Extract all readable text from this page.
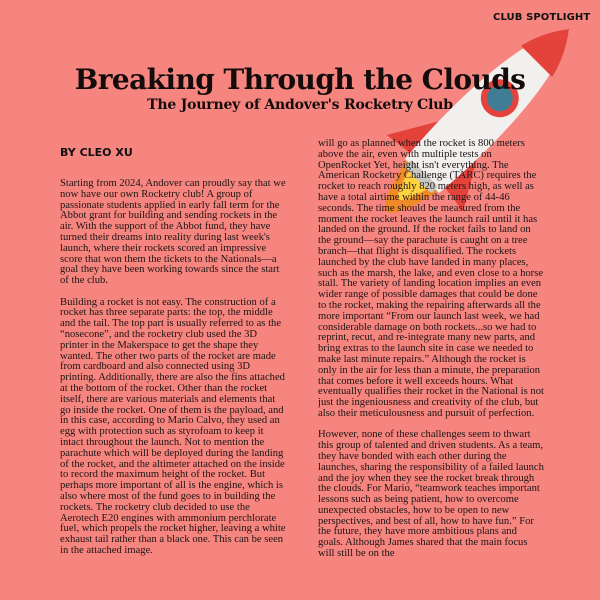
CLUB SPOTLIGHT
Breaking Through the Clouds
The Journey of Andover's Rocketry Club
BY CLEO XU

Starting from 2024, Andover can proudly say that we now have our own Rocketry club! A group of passionate students applied in early fall term for the Abbot grant for building and sending rockets in the air. With the support of the Abbot fund, they have turned their dreams into reality during last week's launch, where their rockets scored an impressive score that won them the tickets to the Nationals—a goal they have been working towards since the start of the club.

Building a rocket is not easy. The construction of a rocket has three separate parts: the top, the middle and the tail. The top part is usually referred to as the “nosecone”, and the rocketry club used the 3D printer in the Makerspace to get the shape they wanted. The other two parts of the rocket are made from cardboard and also connected using 3D printing. Additionally, there are also the fins attached at the bottom of the rocket. Other than the rocket itself, there are various materials and elements that go inside the rocket. One of them is the payload, and in this case, according to Mario Calvo, they used an egg with protection such as styrofoam to keep it intact throughout the launch. Not to mention the parachute which will be deployed during the landing of the rocket, and the altimeter attached on the inside to record the maximum height of the rocket. But perhaps more important of all is the engine, which is also where most of the fund goes to in building the rockets. The rocketry club decided to use the Aerotech E20 engines with ammonium perchlorate fuel, which propels the rocket higher, leaving a white exhaust tail rather than a black one. This can be seen in the attached image.

will go as planned when the rocket is 800 meters above the air, even with multiple tests on OpenRocket Yet, height isn't everything. The American Rocketry Challenge (TARC) requires the rocket to reach roughly 820 meters high, as well as have a total airtime within the range of 44-46 seconds. The time should be measured from the moment the rocket leaves the launch rail until it has landed on the ground. If the rocket fails to land on the ground—say the parachute is caught on a tree branch—that flight is disqualified. The rockets launched by the club have landed in many places, such as the marsh, the lake, and even close to a horse stall. The variety of landing location implies an even wider range of possible damages that could be done to the rocket, making the repairing afterwards all the more important “From our launch last week, we had considerable damage on both rockets...so we had to reprint, recut, and re-integrate many new parts, and bring extras to the launch site in case we needed to make last minute repairs.” Although the rocket is only in the air for less than a minute, the preparation that comes before it well exceeds hours. What eventually qualifies their rocket in the National is not just the ingeniousness and creativity of the club, but also their meticulousness and pursuit of perfection.

However, none of these challenges seem to thwart this group of talented and driven students. As a team, they have bonded with each other during the launches, sharing the responsibility of a failed launch and the joy when they see the rocket break through the clouds. For Mario, “teamwork teaches important lessons such as being patient, how to overcome unexpected obstacles, how to be open to new perspectives, and best of all, how to have fun.” For the future, they have more ambitious plans and goals. Although James shared that the main focus will still be on the
